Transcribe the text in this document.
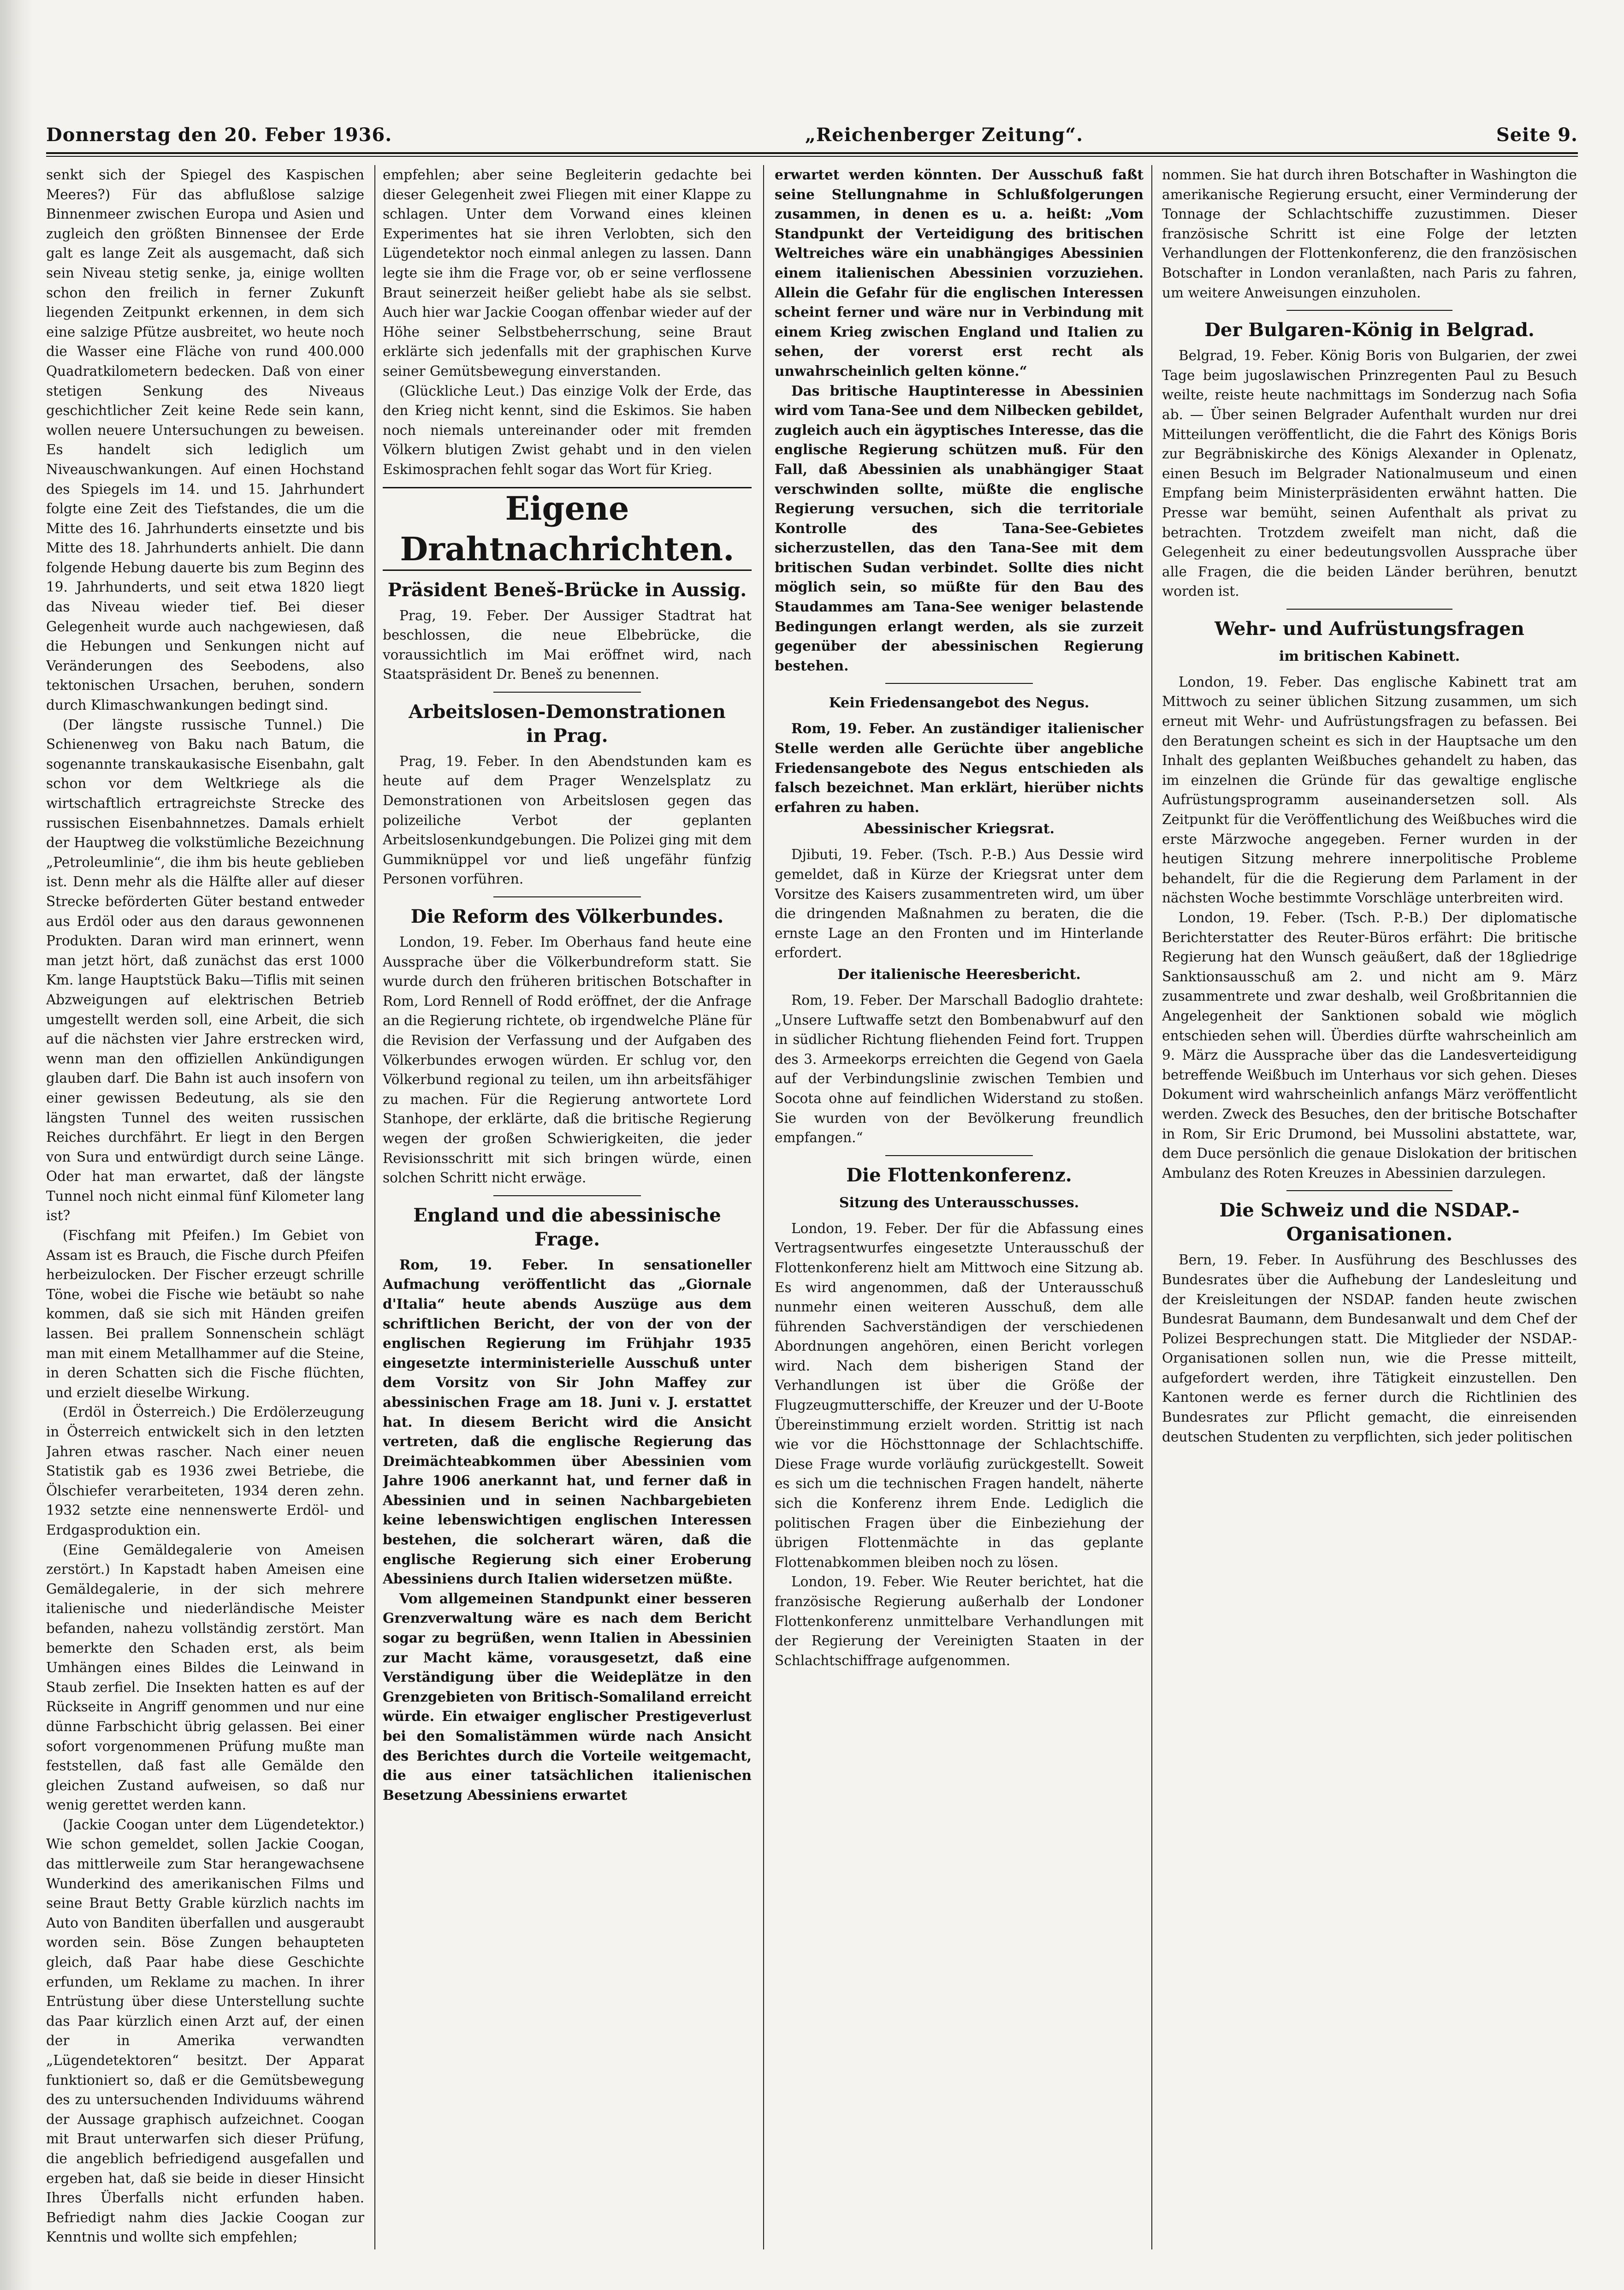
Donnerstag den 20. Feber 1936.	„Reichenberger Zeitung“.	Seite 9.

senkt sich der Spiegel des Kaspischen Meeres?) Für das abflußlose salzige Binnenmeer zwischen Europa und Asien und zugleich den größten Binnensee der Erde galt es lange Zeit als ausgemacht, daß sich sein Niveau stetig senke, ja, einige wollten schon den freilich in ferner Zukunft liegenden Zeitpunkt erkennen, in dem sich eine salzige Pfütze ausbreitet, wo heute noch die Wasser eine Fläche von rund 400.000 Quadratkilometern bedecken. Daß von einer stetigen Senkung des Niveaus geschichtlicher Zeit keine Rede sein kann, wollen neuere Untersuchungen zu beweisen. Es handelt sich lediglich um Niveauschwankungen. Auf einen Hochstand des Spiegels im 14. und 15. Jahrhundert folgte eine Zeit des Tiefstandes, die um die Mitte des 16. Jahrhunderts einsetzte und bis Mitte des 18. Jahrhunderts anhielt. Die dann folgende Hebung dauerte bis zum Beginn des 19. Jahrhunderts, und seit etwa 1820 liegt das Niveau wieder tief. Bei dieser Gelegenheit wurde auch nachgewiesen, daß die Hebungen und Senkungen nicht auf Veränderungen des Seebodens, also tektonischen Ursachen, beruhen, sondern durch Klimaschwankungen bedingt sind.

(Der längste russische Tunnel.) Die Schienenweg von Baku nach Batum, die sogenannte transkaukasische Eisenbahn, galt schon vor dem Weltkriege als die wirtschaftlich ertragreichste Strecke des russischen Eisenbahnnetzes. Damals erhielt der Hauptweg die volkstümliche Bezeichnung „Petroleumlinie“, die ihm bis heute geblieben ist. Denn mehr als die Hälfte aller auf dieser Strecke beförderten Güter bestand entweder aus Erdöl oder aus den daraus gewonnenen Produkten. Daran wird man erinnert, wenn man jetzt hört, daß zunächst das erst 1000 Km. lange Hauptstück Baku—Tiflis mit seinen Abzweigungen auf elektrischen Betrieb umgestellt werden soll, eine Arbeit, die sich auf die nächsten vier Jahre erstrecken wird, wenn man den offiziellen Ankündigungen glauben darf. Die Bahn ist auch insofern von einer gewissen Bedeutung, als sie den längsten Tunnel des weiten russischen Reiches durchfährt. Er liegt in den Bergen von Sura und entwürdigt durch seine Länge. Oder hat man erwartet, daß der längste Tunnel noch nicht einmal fünf Kilometer lang ist?

(Fischfang mit Pfeifen.) Im Gebiet von Assam ist es Brauch, die Fische durch Pfeifen herbeizulocken. Der Fischer erzeugt schrille Töne, wobei die Fische wie betäubt so nahe kommen, daß sie sich mit Händen greifen lassen. Bei prallem Sonnenschein schlägt man mit einem Metallhammer auf die Steine, in deren Schatten sich die Fische flüchten, und erzielt dieselbe Wirkung.

(Erdöl in Österreich.) Die Erdölerzeugung in Österreich entwickelt sich in den letzten Jahren etwas rascher. Nach einer neuen Statistik gab es 1936 zwei Betriebe, die Ölschiefer verarbeiteten, 1934 deren zehn. 1932 setzte eine nennenswerte Erdöl- und Erdgasproduktion ein.

(Eine Gemäldegalerie von Ameisen zerstört.) In Kapstadt haben Ameisen eine Gemäldegalerie, in der sich mehrere italienische und niederländische Meister befanden, nahezu vollständig zerstört. Man bemerkte den Schaden erst, als beim Umhängen eines Bildes die Leinwand in Staub zerfiel. Die Insekten hatten es auf der Rückseite in Angriff genommen und nur eine dünne Farbschicht übrig gelassen. Bei einer sofort vorgenommenen Prüfung mußte man feststellen, daß fast alle Gemälde den gleichen Zustand aufweisen, so daß nur wenig gerettet werden kann.

(Jackie Coogan unter dem Lügendetektor.) Wie schon gemeldet, sollen Jackie Coogan, das mittlerweile zum Star herangewachsene Wunderkind des amerikanischen Films und seine Braut Betty Grable kürzlich nachts im Auto von Banditen überfallen und ausgeraubt worden sein. Böse Zungen behaupteten gleich, daß Paar habe diese Geschichte erfunden, um Reklame zu machen. In ihrer Entrüstung über diese Unterstellung suchte das Paar kürzlich einen Arzt auf, der einen der in Amerika verwandten „Lügendetektoren“ besitzt. Der Apparat funktioniert so, daß er die Gemütsbewegung des zu untersuchenden Individuums während der Aussage graphisch aufzeichnet. Coogan mit Braut unterwarfen sich dieser Prüfung, die angeblich befriedigend ausgefallen und ergeben hat, daß sie beide in dieser Hinsicht Ihres Überfalls nicht erfunden haben. Befriedigt nahm dies Jackie Coogan zur Kenntnis und wollte sich empfehlen;

empfehlen; aber seine Begleiterin gedachte bei dieser Gelegenheit zwei Fliegen mit einer Klappe zu schlagen. Unter dem Vorwand eines kleinen Experimentes hat sie ihren Verlobten, sich den Lügendetektor noch einmal anlegen zu lassen. Dann legte sie ihm die Frage vor, ob er seine verflossene Braut seinerzeit heißer geliebt habe als sie selbst. Auch hier war Jackie Coogan offenbar wieder auf der Höhe seiner Selbstbeherrschung, seine Braut erklärte sich jedenfalls mit der graphischen Kurve seiner Gemütsbewegung einverstanden.

(Glückliche Leut.) Das einzige Volk der Erde, das den Krieg nicht kennt, sind die Eskimos. Sie haben noch niemals untereinander oder mit fremden Völkern blutigen Zwist gehabt und in den vielen Eskimosprachen fehlt sogar das Wort für Krieg.

Eigene Drahtnachrichten.
Präsident Beneš-Brücke in Aussig.

Prag, 19. Feber. Der Aussiger Stadtrat hat beschlossen, die neue Elbebrücke, die voraussichtlich im Mai eröffnet wird, nach Staatspräsident Dr. Beneš zu benennen.

Arbeitslosen-Demonstrationen
in Prag.

Prag, 19. Feber. In den Abendstunden kam es heute auf dem Prager Wenzelsplatz zu Demonstrationen von Arbeitslosen gegen das polizeiliche Verbot der geplanten Arbeitslosenkundgebungen. Die Polizei ging mit dem Gummiknüppel vor und ließ ungefähr fünfzig Personen vorführen.

Die Reform des Völkerbundes.

London, 19. Feber. Im Oberhaus fand heute eine Aussprache über die Völkerbundreform statt. Sie wurde durch den früheren britischen Botschafter in Rom, Lord Rennell of Rodd eröffnet, der die Anfrage an die Regierung richtete, ob irgendwelche Pläne für die Revision der Verfassung und der Aufgaben des Völkerbundes erwogen würden. Er schlug vor, den Völkerbund regional zu teilen, um ihn arbeitsfähiger zu machen. Für die Regierung antwortete Lord Stanhope, der erklärte, daß die britische Regierung wegen der großen Schwierigkeiten, die jeder Revisionsschritt mit sich bringen würde, einen solchen Schritt nicht erwäge.

England und die abessinische Frage.

Rom, 19. Feber. In sensationeller Aufmachung veröffentlicht das „Giornale d'Italia“ heute abends Auszüge aus dem schriftlichen Bericht, der von der von der englischen Regierung im Frühjahr 1935 eingesetzte interministerielle Ausschuß unter dem Vorsitz von Sir John Maffey zur abessinischen Frage am 18. Juni v. J. erstattet hat. In diesem Bericht wird die Ansicht vertreten, daß die englische Regierung das Dreimächteabkommen über Abessinien vom Jahre 1906 anerkannt hat, und ferner daß in Abessinien und in seinen Nachbargebieten keine lebenswichtigen englischen Interessen bestehen, die solcherart wären, daß die englische Regierung sich einer Eroberung Abessiniens durch Italien widersetzen müßte.

Vom allgemeinen Standpunkt einer besseren Grenzverwaltung wäre es nach dem Bericht sogar zu begrüßen, wenn Italien in Abessinien zur Macht käme, vorausgesetzt, daß eine Verständigung über die Weideplätze in den Grenzgebieten von Britisch-Somaliland erreicht würde. Ein etwaiger englischer Prestigeverlust bei den Somalistämmen würde nach Ansicht des Berichtes durch die Vorteile weitgemacht, die aus einer tatsächlichen italienischen Besetzung Abessiniens erwartet

erwartet werden könnten. Der Ausschuß faßt seine Stellungnahme in Schlußfolgerungen zusammen, in denen es u. a. heißt: „Vom Standpunkt der Verteidigung des britischen Weltreiches wäre ein unabhängiges Abessinien einem italienischen Abessinien vorzuziehen. Allein die Gefahr für die englischen Interessen scheint ferner und wäre nur in Verbindung mit einem Krieg zwischen England und Italien zu sehen, der vorerst erst recht als unwahrscheinlich gelten könne.“

Das britische Hauptinteresse in Abessinien wird vom Tana-See und dem Nilbecken gebildet, zugleich auch ein ägyptisches Interesse, das die englische Regierung schützen muß. Für den Fall, daß Abessinien als unabhängiger Staat verschwinden sollte, müßte die englische Regierung versuchen, sich die territoriale Kontrolle des Tana-See-Gebietes sicherzustellen, das den Tana-See mit dem britischen Sudan verbindet. Sollte dies nicht möglich sein, so müßte für den Bau des Staudammes am Tana-See weniger belastende Bedingungen erlangt werden, als sie zurzeit gegenüber der abessinischen Regierung bestehen.

Kein Friedensangebot des Negus.

Rom, 19. Feber. An zuständiger italienischer Stelle werden alle Gerüchte über angebliche Friedensangebote des Negus entschieden als falsch bezeichnet. Man erklärt, hierüber nichts erfahren zu haben.

Abessinischer Kriegsrat.

Djibuti, 19. Feber. (Tsch. P.-B.) Aus Dessie wird gemeldet, daß in Kürze der Kriegsrat unter dem Vorsitze des Kaisers zusammentreten wird, um über die dringenden Maßnahmen zu beraten, die die ernste Lage an den Fronten und im Hinterlande erfordert.

Der italienische Heeresbericht.

Rom, 19. Feber. Der Marschall Badoglio drahtete: „Unsere Luftwaffe setzt den Bombenabwurf auf den in südlicher Richtung fliehenden Feind fort. Truppen des 3. Armeekorps erreichten die Gegend von Gaela auf der Verbindungslinie zwischen Tembien und Socota ohne auf feindlichen Widerstand zu stoßen. Sie wurden von der Bevölkerung freundlich empfangen.“

Die Flottenkonferenz.
Sitzung des Unterausschusses.

London, 19. Feber. Der für die Abfassung eines Vertragsentwurfes eingesetzte Unterausschuß der Flottenkonferenz hielt am Mittwoch eine Sitzung ab. Es wird angenommen, daß der Unterausschuß nunmehr einen weiteren Ausschuß, dem alle führenden Sachverständigen der verschiedenen Abordnungen angehören, einen Bericht vorlegen wird. Nach dem bisherigen Stand der Verhandlungen ist über die Größe der Flugzeugmutterschiffe, der Kreuzer und der U-Boote Übereinstimmung erzielt worden. Strittig ist nach wie vor die Höchsttonnage der Schlachtschiffe. Diese Frage wurde vorläufig zurückgestellt. Soweit es sich um die technischen Fragen handelt, näherte sich die Konferenz ihrem Ende. Lediglich die politischen Fragen über die Einbeziehung der übrigen Flottenmächte in das geplante Flottenabkommen bleiben noch zu lösen.

London, 19. Feber. Wie Reuter berichtet, hat die französische Regierung außerhalb der Londoner Flottenkonferenz unmittelbare Verhandlungen mit der Regierung der Vereinigten Staaten in der Schlachtschiffrage aufgenommen.

nommen. Sie hat durch ihren Botschafter in Washington die amerikanische Regierung ersucht, einer Verminderung der Tonnage der Schlachtschiffe zuzustimmen. Dieser französische Schritt ist eine Folge der letzten Verhandlungen der Flottenkonferenz, die den französischen Botschafter in London veranlaßten, nach Paris zu fahren, um weitere Anweisungen einzuholen.

Der Bulgaren-König in Belgrad.

Belgrad, 19. Feber. König Boris von Bulgarien, der zwei Tage beim jugoslawischen Prinzregenten Paul zu Besuch weilte, reiste heute nachmittags im Sonderzug nach Sofia ab. — Über seinen Belgrader Aufenthalt wurden nur drei Mitteilungen veröffentlicht, die die Fahrt des Königs Boris zur Begräbniskirche des Königs Alexander in Oplenatz, einen Besuch im Belgrader Nationalmuseum und einen Empfang beim Ministerpräsidenten erwähnt hatten. Die Presse war bemüht, seinen Aufenthalt als privat zu betrachten. Trotzdem zweifelt man nicht, daß die Gelegenheit zu einer bedeutungsvollen Aussprache über alle Fragen, die die beiden Länder berühren, benutzt worden ist.

Wehr- und Aufrüstungsfragen
im britischen Kabinett.

London, 19. Feber. Das englische Kabinett trat am Mittwoch zu seiner üblichen Sitzung zusammen, um sich erneut mit Wehr- und Aufrüstungsfragen zu befassen. Bei den Beratungen scheint es sich in der Hauptsache um den Inhalt des geplanten Weißbuches gehandelt zu haben, das im einzelnen die Gründe für das gewaltige englische Aufrüstungsprogramm auseinandersetzen soll. Als Zeitpunkt für die Veröffentlichung des Weißbuches wird die erste Märzwoche angegeben. Ferner wurden in der heutigen Sitzung mehrere innerpolitische Probleme behandelt, für die die Regierung dem Parlament in der nächsten Woche bestimmte Vorschläge unterbreiten wird.

London, 19. Feber. (Tsch. P.-B.) Der diplomatische Berichterstatter des Reuter-Büros erfährt: Die britische Regierung hat den Wunsch geäußert, daß der 18gliedrige Sanktionsausschuß am 2. und nicht am 9. März zusammentrete und zwar deshalb, weil Großbritannien die Angelegenheit der Sanktionen sobald wie möglich entschieden sehen will. Überdies dürfte wahrscheinlich am 9. März die Aussprache über das die Landesverteidigung betreffende Weißbuch im Unterhaus vor sich gehen. Dieses Dokument wird wahrscheinlich anfangs März veröffentlicht werden. Zweck des Besuches, den der britische Botschafter in Rom, Sir Eric Drumond, bei Mussolini abstattete, war, dem Duce persönlich die genaue Dislokation der britischen Ambulanz des Roten Kreuzes in Abessinien darzulegen.

Die Schweiz und die NSDAP.-
Organisationen.

Bern, 19. Feber. In Ausführung des Beschlusses des Bundesrates über die Aufhebung der Landesleitung und der Kreisleitungen der NSDAP. fanden heute zwischen Bundesrat Baumann, dem Bundesanwalt und dem Chef der Polizei Besprechungen statt. Die Mitglieder der NSDAP.-Organisationen sollen nun, wie die Presse mitteilt, aufgefordert werden, ihre Tätigkeit einzustellen. Den Kantonen werde es ferner durch die Richtlinien des Bundesrates zur Pflicht gemacht, die einreisenden deutschen Studenten zu verpflichten, sich jeder politischen
